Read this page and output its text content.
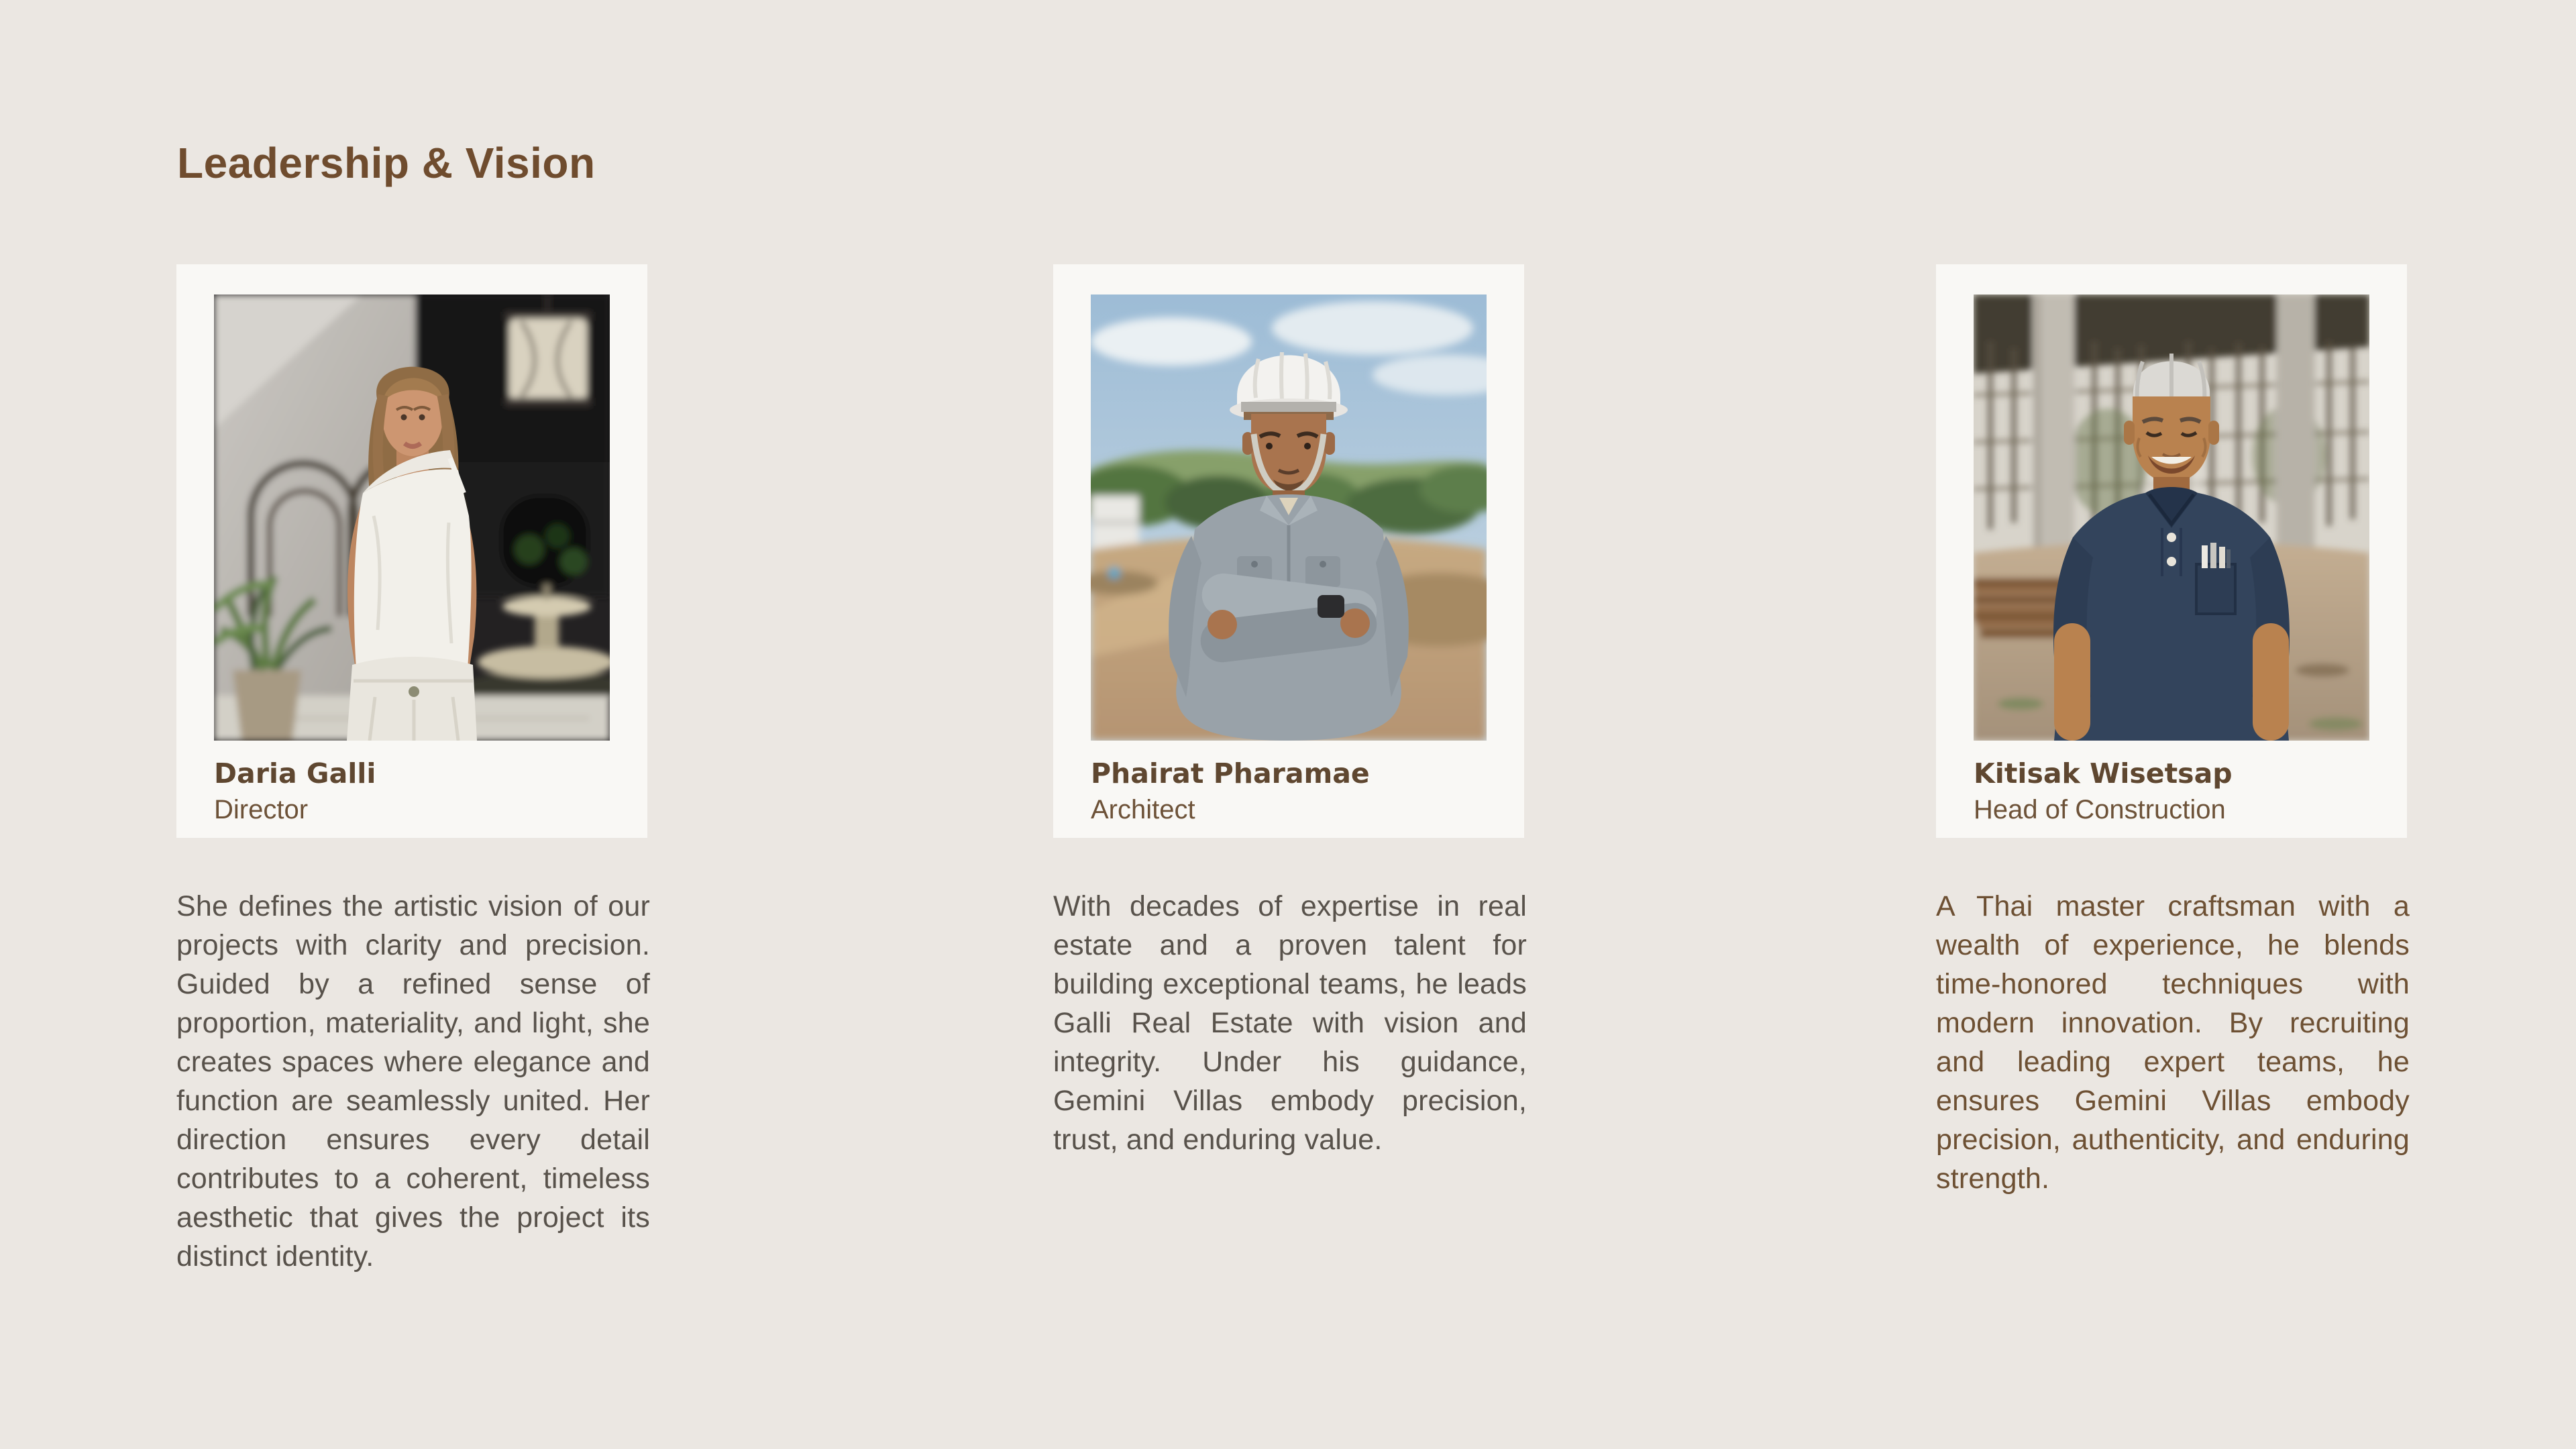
Leadership & Vision
Daria Galli

Director

Phairat Pharamae

Architect

Kitisak Wisetsap

Head of Construction

She defines the artistic vision of our projects with clarity and precision. Guided by a refined sense of proportion, materiality, and light, she creates spaces where elegance and function are seamlessly united. Her direction ensures every detail contributes to a coherent, timeless aesthetic that gives the project its distinct identity.

With decades of expertise in real estate and a proven talent for building exceptional teams, he leads Galli Real Estate with vision and integrity. Under his guidance, Gemini Villas embody precision, trust, and enduring value.

A Thai master craftsman with a wealth of experience, he blends time-honored techniques with modern innovation. By recruiting and leading expert teams, he ensures Gemini Villas embody precision, authenticity, and enduring strength.
